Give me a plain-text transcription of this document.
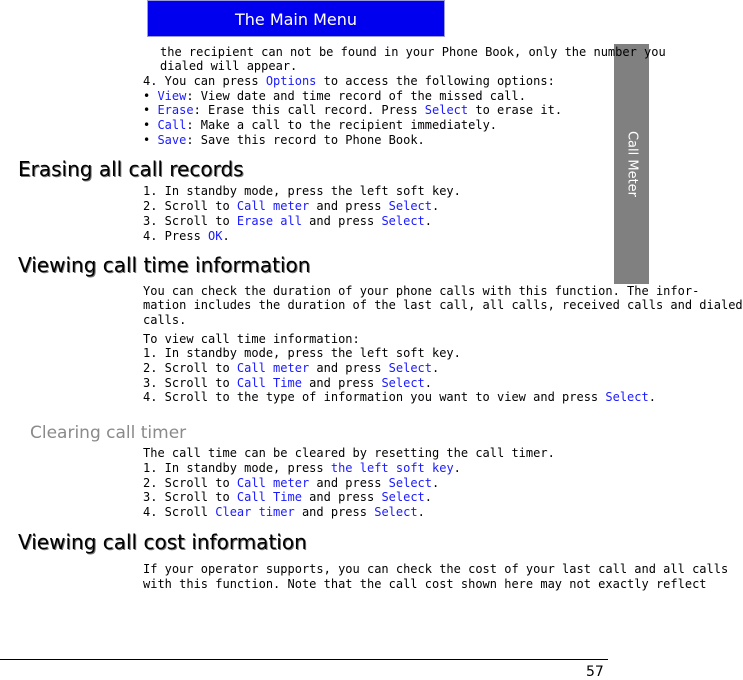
The Main Menu
Call Meter
the recipient can not be found in your Phone Book, only the number you
dialed will appear.
4. You can press Options to access the following options:
• View: View date and time record of the missed call.
• Erase: Erase this call record. Press Select to erase it.
• Call: Make a call to the recipient immediately.
• Save: Save this record to Phone Book.
Erasing all call records
1. In standby mode, press the left soft key.
2. Scroll to Call meter and press Select.
3. Scroll to Erase all and press Select.
4. Press OK.
Viewing call time information
You can check the duration of your phone calls with this function. The infor-
mation includes the duration of the last call, all calls, received calls and dialed
calls.
To view call time information:
1. In standby mode, press the left soft key.
2. Scroll to Call meter and press Select.
3. Scroll to Call Time and press Select.
4. Scroll to the type of information you want to view and press Select.
Clearing call timer
The call time can be cleared by resetting the call timer.
1. In standby mode, press the left soft key.
2. Scroll to Call meter and press Select.
3. Scroll to Call Time and press Select.
4. Scroll Clear timer and press Select.
Viewing call cost information
If your operator supports, you can check the cost of your last call and all calls
with this function. Note that the call cost shown here may not exactly reflect
57
